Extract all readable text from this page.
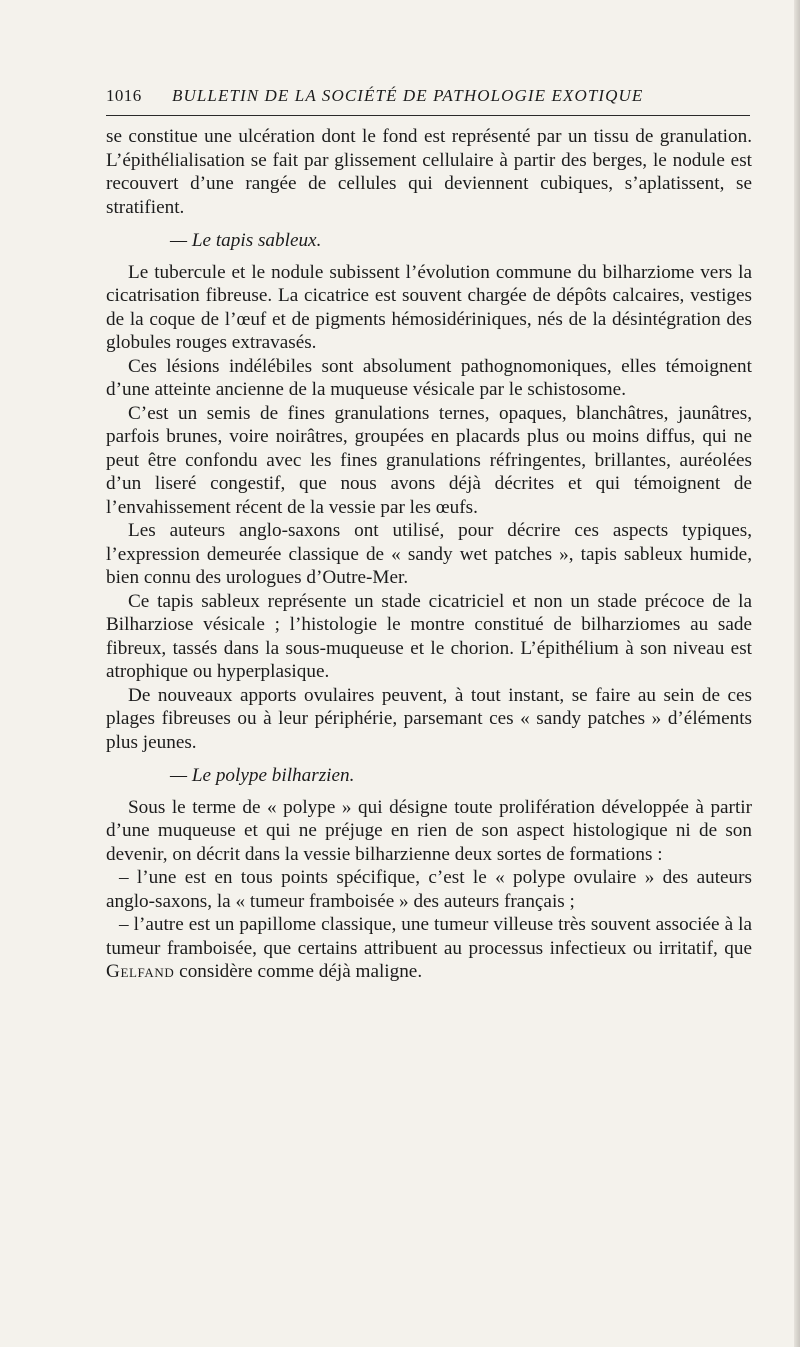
1016 BULLETIN DE LA SOCIÉTÉ DE PATHOLOGIE EXOTIQUE

se constitue une ulcération dont le fond est représenté par un tissu de granulation. L’épithélialisation se fait par glissement cellulaire à partir des berges, le nodule est recouvert d’une rangée de cellules qui deviennent cubiques, s’aplatissent, se stratifient.

— Le tapis sableux.

Le tubercule et le nodule subissent l’évolution commune du bilharziome vers la cicatrisation fibreuse. La cicatrice est souvent chargée de dépôts calcaires, vestiges de la coque de l’œuf et de pigments hémosidériniques, nés de la désintégration des globules rouges extravasés.

Ces lésions indélébiles sont absolument pathognomoniques, elles témoignent d’une atteinte ancienne de la muqueuse vésicale par le schistosome.

C’est un semis de fines granulations ternes, opaques, blanchâtres, jaunâtres, parfois brunes, voire noirâtres, groupées en placards plus ou moins diffus, qui ne peut être confondu avec les fines granulations réfringentes, brillantes, auréolées d’un liseré congestif, que nous avons déjà décrites et qui témoignent de l’envahissement récent de la vessie par les œufs.

Les auteurs anglo-saxons ont utilisé, pour décrire ces aspects typiques, l’expression demeurée classique de « sandy wet patches », tapis sableux humide, bien connu des urologues d’Outre-Mer.

Ce tapis sableux représente un stade cicatriciel et non un stade précoce de la Bilharziose vésicale ; l’histologie le montre constitué de bilharziomes au sade fibreux, tassés dans la sous-muqueuse et le chorion. L’épithélium à son niveau est atrophique ou hyperplasique.

De nouveaux apports ovulaires peuvent, à tout instant, se faire au sein de ces plages fibreuses ou à leur périphérie, parsemant ces « sandy patches » d’éléments plus jeunes.

— Le polype bilharzien.

Sous le terme de « polype » qui désigne toute prolifération développée à partir d’une muqueuse et qui ne préjuge en rien de son aspect histologique ni de son devenir, on décrit dans la vessie bilharzienne deux sortes de formations :

– l’une est en tous points spécifique, c’est le « polype ovulaire » des auteurs anglo-saxons, la « tumeur framboisée » des auteurs français ;

– l’autre est un papillome classique, une tumeur villeuse très souvent associée à la tumeur framboisée, que certains attribuent au processus infectieux ou irritatif, que Gelfand considère comme déjà maligne.
